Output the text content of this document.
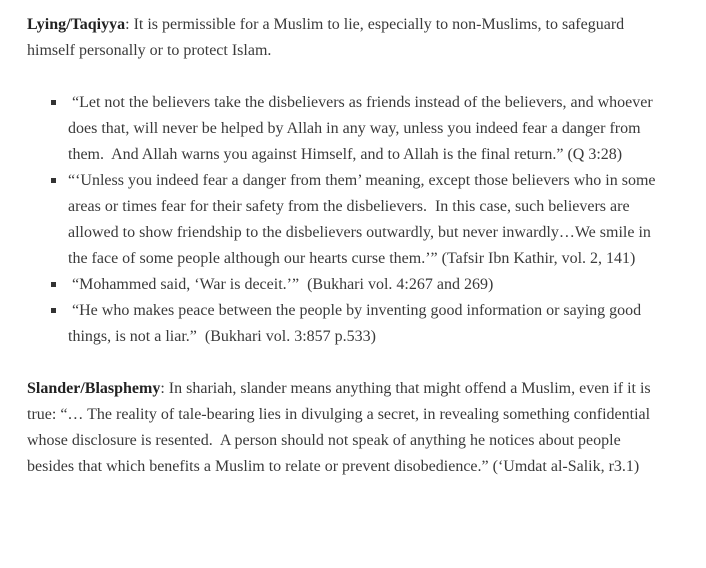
Lying/Taqiyya: It is permissible for a Muslim to lie, especially to non-Muslims, to safeguard himself personally or to protect Islam.

“Let not the believers take the disbelievers as friends instead of the believers, and whoever does that, will never be helped by Allah in any way, unless you indeed fear a danger from them.  And Allah warns you against Himself, and to Allah is the final return.” (Q 3:28)
“‘Unless you indeed fear a danger from them’ meaning, except those believers who in some areas or times fear for their safety from the disbelievers.  In this case, such believers are allowed to show friendship to the disbelievers outwardly, but never inwardly…We smile in the face of some people although our hearts curse them.’” (Tafsir Ibn Kathir, vol. 2, 141)
“Mohammed said, ‘War is deceit.’”  (Bukhari vol. 4:267 and 269)
“He who makes peace between the people by inventing good information or saying good things, is not a liar.”  (Bukhari vol. 3:857 p.533)

Slander/Blasphemy: In shariah, slander means anything that might offend a Muslim, even if it is true: “… The reality of tale-bearing lies in divulging a secret, in revealing something confidential whose disclosure is resented.  A person should not speak of anything he notices about people besides that which benefits a Muslim to relate or prevent disobedience.” (‘Umdat al-Salik, r3.1)
